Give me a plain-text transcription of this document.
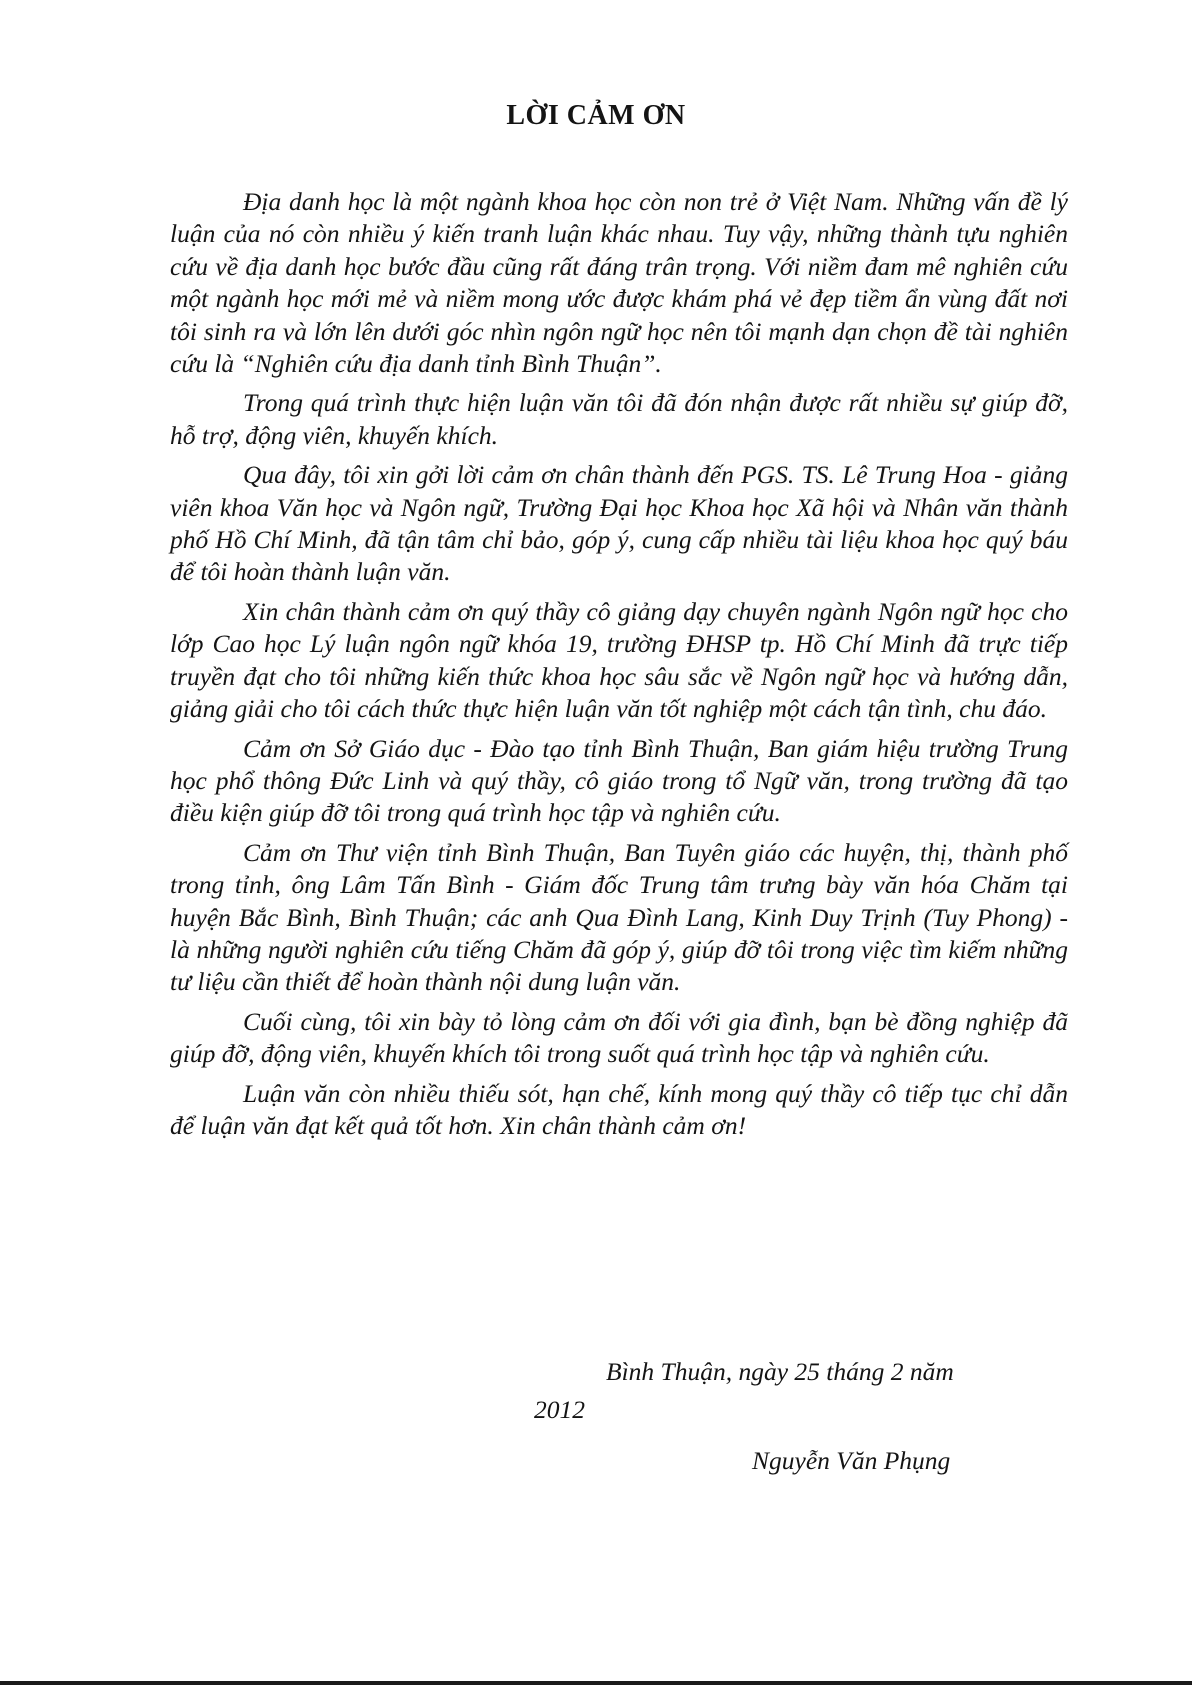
LỜI CẢM ƠN

Địa danh học là một ngành khoa học còn non trẻ ở Việt Nam. Những vấn đề lý luận của nó còn nhiều ý kiến tranh luận khác nhau. Tuy vậy, những thành tựu nghiên cứu về địa danh học bước đầu cũng rất đáng trân trọng. Với niềm đam mê nghiên cứu một ngành học mới mẻ và niềm mong ước được khám phá vẻ đẹp tiềm ẩn vùng đất nơi tôi sinh ra và lớn lên dưới góc nhìn ngôn ngữ học nên tôi mạnh dạn chọn đề tài nghiên cứu là “Nghiên cứu địa danh tỉnh Bình Thuận”.

Trong quá trình thực hiện luận văn tôi đã đón nhận được rất nhiều sự giúp đỡ, hỗ trợ, động viên, khuyến khích.

Qua đây, tôi xin gởi lời cảm ơn chân thành đến PGS. TS. Lê Trung Hoa - giảng viên khoa Văn học và Ngôn ngữ, Trường Đại học Khoa học Xã hội và Nhân văn thành phố Hồ Chí Minh, đã tận tâm chỉ bảo, góp ý, cung cấp nhiều tài liệu khoa học quý báu để tôi hoàn thành luận văn.

Xin chân thành cảm ơn quý thầy cô giảng dạy chuyên ngành Ngôn ngữ học cho lớp Cao học Lý luận ngôn ngữ khóa 19, trường ĐHSP tp. Hồ Chí Minh đã trực tiếp truyền đạt cho tôi những kiến thức khoa học sâu sắc về Ngôn ngữ học và hướng dẫn, giảng giải cho tôi cách thức thực hiện luận văn tốt nghiệp một cách tận tình, chu đáo.

Cảm ơn Sở Giáo dục - Đào tạo tỉnh Bình Thuận, Ban giám hiệu trường Trung học phổ thông Đức Linh và quý thầy, cô giáo trong tổ Ngữ văn, trong trường đã tạo điều kiện giúp đỡ tôi trong quá trình học tập và nghiên cứu.

Cảm ơn Thư viện tỉnh Bình Thuận, Ban Tuyên giáo các huyện, thị, thành phố trong tỉnh, ông Lâm Tấn Bình - Giám đốc Trung tâm trưng bày văn hóa Chăm tại huyện Bắc Bình, Bình Thuận; các anh Qua Đình Lang, Kinh Duy Trịnh (Tuy Phong) - là những người nghiên cứu tiếng Chăm đã góp ý, giúp đỡ tôi trong việc tìm kiếm những tư liệu cần thiết để hoàn thành nội dung luận văn.

Cuối cùng, tôi xin bày tỏ lòng cảm ơn đối với gia đình, bạn bè đồng nghiệp đã giúp đỡ, động viên, khuyến khích tôi trong suốt quá trình học tập và nghiên cứu.

Luận văn còn nhiều thiếu sót, hạn chế, kính mong quý thầy cô tiếp tục chỉ dẫn để luận văn đạt kết quả tốt hơn. Xin chân thành cảm ơn!

Bình Thuận, ngày 25 tháng 2 năm
2012
Nguyễn Văn Phụng
